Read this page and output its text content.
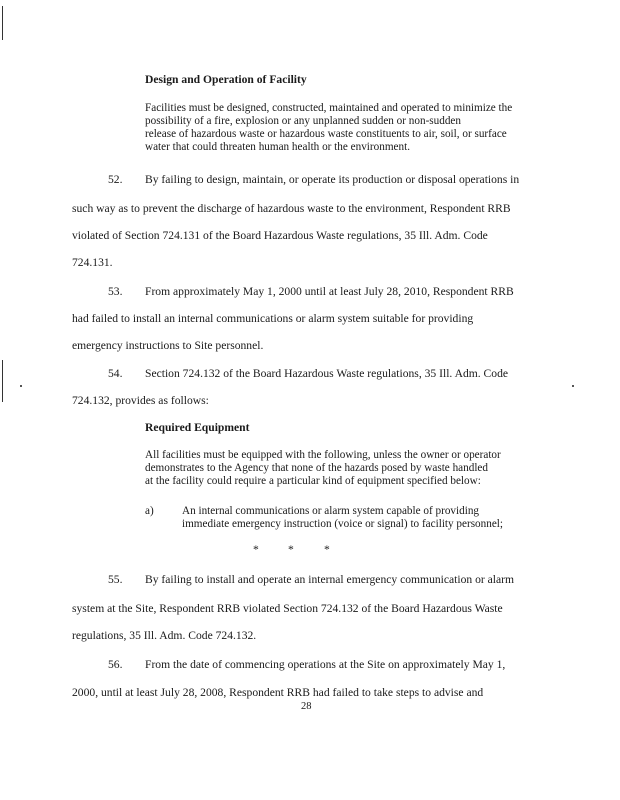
Design and Operation of Facility
Facilities must be designed, constructed, maintained and operated to minimize the
possibility of a fire, explosion or any unplanned sudden or non-sudden
release of hazardous waste or hazardous waste constituents to air, soil, or surface
water that could threaten human health or the environment.
52. By failing to design, maintain, or operate its production or disposal operations in
such way as to prevent the discharge of hazardous waste to the environment, Respondent RRB
violated of Section 724.131 of the Board Hazardous Waste regulations, 35 Ill. Adm. Code
724.131.
53. From approximately May 1, 2000 until at least July 28, 2010, Respondent RRB
had failed to install an internal communications or alarm system suitable for providing
emergency instructions to Site personnel.
54. Section 724.132 of the Board Hazardous Waste regulations, 35 Ill. Adm. Code
724.132, provides as follows:
Required Equipment
All facilities must be equipped with the following, unless the owner or operator
demonstrates to the Agency that none of the hazards posed by waste handled
at the facility could require a particular kind of equipment specified below:
a)	An internal communications or alarm system capable of providing
immediate emergency instruction (voice or signal) to facility personnel;
*	*	*
55. By failing to install and operate an internal emergency communication or alarm
system at the Site, Respondent RRB violated Section 724.132 of the Board Hazardous Waste
regulations, 35 Ill. Adm. Code 724.132.
56. From the date of commencing operations at the Site on approximately May 1,
2000, until at least July 28, 2008, Respondent RRB had failed to take steps to advise and
28
